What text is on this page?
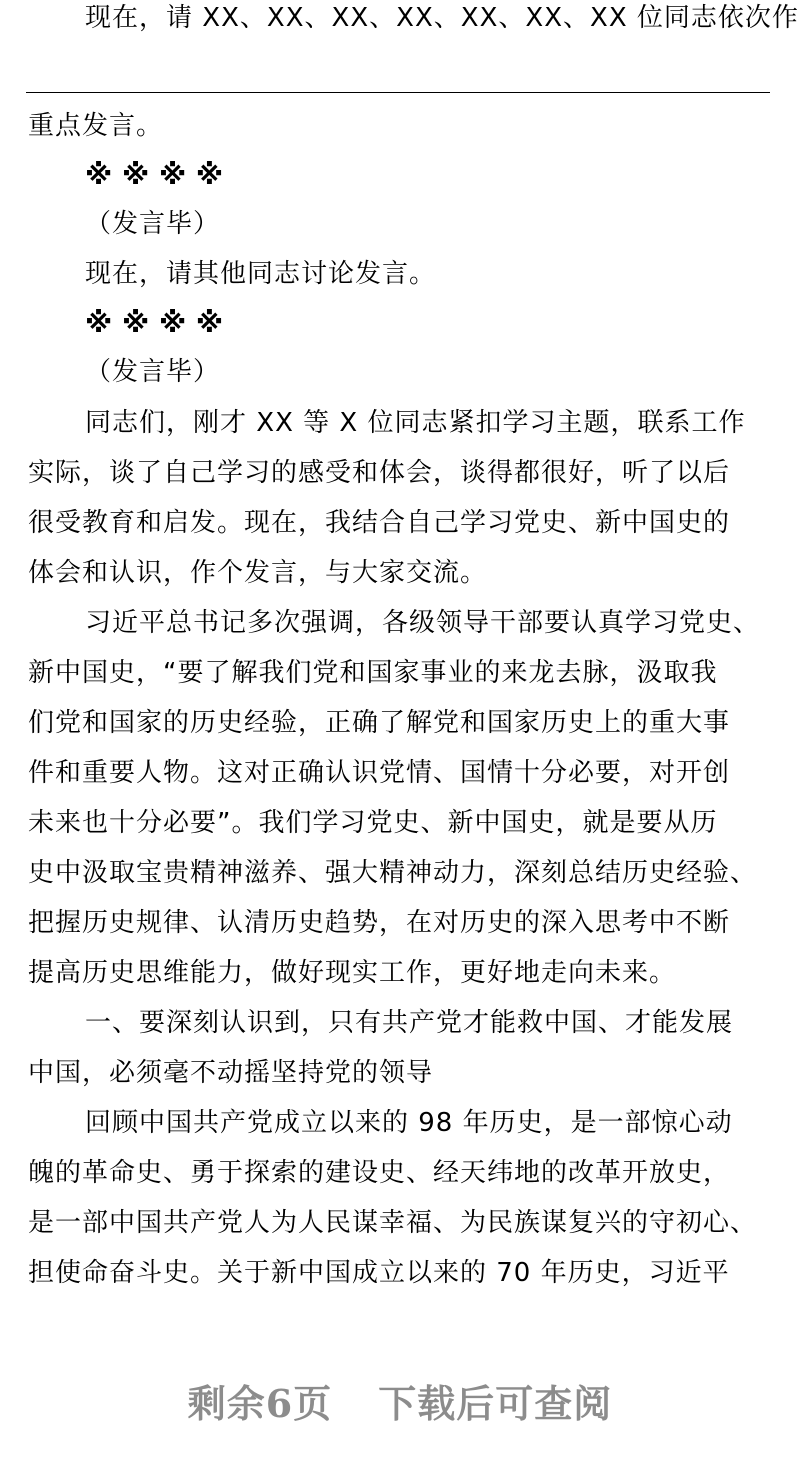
现在，请 XX、XX、XX、XX、XX、XX、XX 位同志依次作
重点发言。
※ ※ ※ ※
（发言毕）
现在，请其他同志讨论发言。
※ ※ ※ ※
（发言毕）
同志们，刚才 XX 等 X 位同志紧扣学习主题，联系工作
实际，谈了自己学习的感受和体会，谈得都很好，听了以后
很受教育和启发。现在，我结合自己学习党史、新中国史的
体会和认识，作个发言，与大家交流。
习近平总书记多次强调，各级领导干部要认真学习党史、
新中国史，“要了解我们党和国家事业的来龙去脉，汲取我
们党和国家的历史经验，正确了解党和国家历史上的重大事
件和重要人物。这对正确认识党情、国情十分必要，对开创
未来也十分必要”。我们学习党史、新中国史，就是要从历
史中汲取宝贵精神滋养、强大精神动力，深刻总结历史经验、
把握历史规律、认清历史趋势，在对历史的深入思考中不断
提高历史思维能力，做好现实工作，更好地走向未来。
一、要深刻认识到，只有共产党才能救中国、才能发展
中国，必须毫不动摇坚持党的领导
回顾中国共产党成立以来的 98 年历史，是一部惊心动
魄的革命史、勇于探索的建设史、经天纬地的改革开放史，
是一部中国共产党人为人民谋幸福、为民族谋复兴的守初心、
担使命奋斗史。关于新中国成立以来的 70 年历史，习近平
剩余6页 下载后可查阅
